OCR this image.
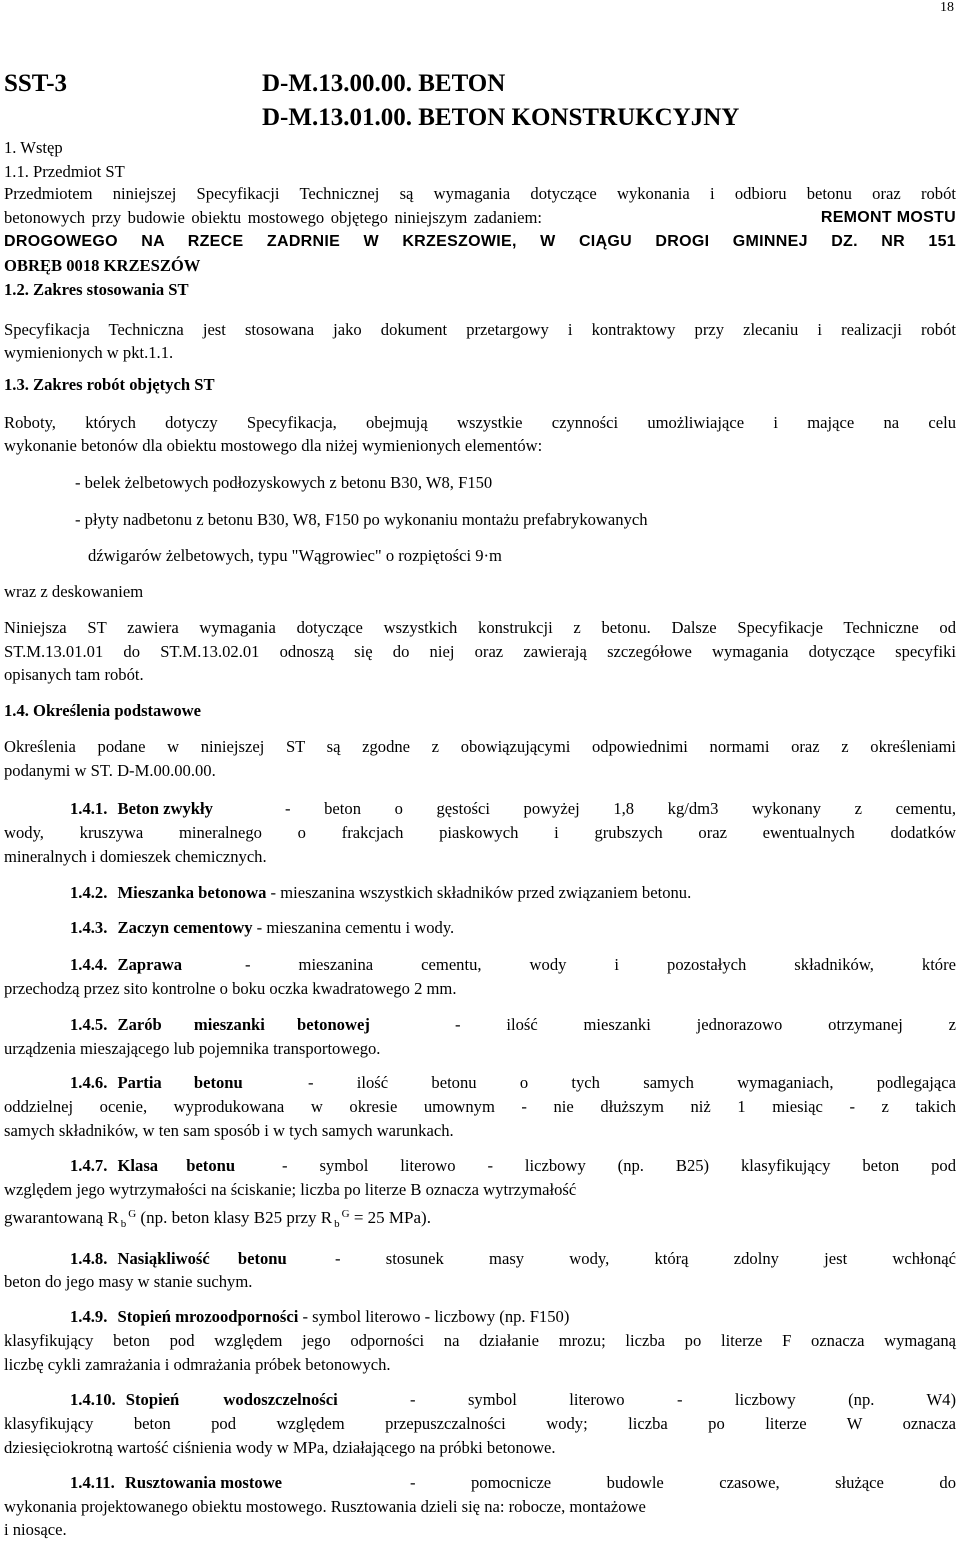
18
SST-3	D-M.13.00.00. BETON
D-M.13.01.00. BETON KONSTRUKCYJNY
1. Wstęp
1.1. Przedmiot ST
Przedmiotem niniejszej Specyfikacji Technicznej są wymagania dotyczące wykonania i odbioru betonu oraz robót
betonowych przy budowie obiektu mostowego objętego niniejszym zadaniem:	REMONT MOSTU
DROGOWEGO NA RZECE ZADRNIE W KRZESZOWIE, W CIĄGU DROGI GMINNEJ DZ. NR 151
OBRĘB 0018 KRZESZÓW
1.2. Zakres stosowania ST
Specyfikacja Techniczna jest stosowana jako dokument przetargowy i kontraktowy przy zlecaniu i realizacji robót
wymienionych w pkt.1.1.
1.3. Zakres robót objętych ST
Roboty, których dotyczy Specyfikacja, obejmują wszystkie czynności umożliwiające i mające na celu
wykonanie betonów dla obiektu mostowego dla niżej wymienionych elementów:
- belek żelbetowych podłozyskowych z betonu B30, W8, F150
- płyty nadbetonu z betonu B30, W8, F150 po wykonaniu montażu prefabrykowanych
dźwigarów żelbetowych, typu "Wągrowiec" o rozpiętości 9·m
wraz z deskowaniem
Niniejsza ST zawiera wymagania dotyczące wszystkich konstrukcji z betonu. Dalsze Specyfikacje Techniczne od
ST.M.13.01.01 do ST.M.13.02.01 odnoszą się do niej oraz zawierają szczegółowe wymagania dotyczące specyfiki
opisanych tam robót.
1.4. Określenia podstawowe
Określenia podane w niniejszej ST są zgodne z obowiązującymi odpowiednimi normami oraz z określeniami
podanymi w ST. D-M.00.00.00.
1.4.1. Beton zwykły	- beton o gęstości powyżej 1,8 kg/dm3 wykonany z cementu,
wody, kruszywa mineralnego o frakcjach piaskowych i grubszych oraz ewentualnych dodatków
mineralnych i domieszek chemicznych.
1.4.2. Mieszanka betonowa - mieszanina wszystkich składników przed związaniem betonu.
1.4.3. Zaczyn cementowy - mieszanina cementu i wody.
1.4.4. Zaprawa	- mieszanina cementu, wody i pozostałych składników, które
przechodzą przez sito kontrolne o boku oczka kwadratowego 2 mm.
1.4.5. Zarób mieszanki betonowej	- ilość mieszanki jednorazowo otrzymanej z
urządzenia mieszającego lub pojemnika transportowego.
1.4.6. Partia betonu	- ilość betonu o tych samych wymaganiach, podlegająca
oddzielnej ocenie, wyprodukowana w okresie umownym - nie dłuższym niż 1 miesiąc - z takich
samych składników, w ten sam sposób i w tych samych warunkach.
1.4.7. Klasa betonu	- symbol literowo - liczbowy (np. B25) klasyfikujący beton pod
względem jego wytrzymałości na ściskanie; liczba po literze B oznacza wytrzymałość
gwarantowaną R $_b^G$ (np. beton klasy B25 przy R $_b^G$ = 25 MPa).
1.4.8. Nasiąkliwość betonu	- stosunek masy wody, którą zdolny jest wchłonąć
beton do jego masy w stanie suchym.
1.4.9. Stopień mrozoodporności - symbol literowo - liczbowy (np. F150)
klasyfikujący beton pod względem jego odporności na działanie mrozu; liczba po literze F oznacza wymaganą
liczbę cykli zamrażania i odmrażania próbek betonowych.
1.4.10. Stopień wodoszczelności	- symbol literowo - liczbowy (np. W4)
klasyfikujący beton pod względem przepuszczalności wody; liczba po literze W oznacza
dziesięciokrotną wartość ciśnienia wody w MPa, działającego na próbki betonowe.
1.4.11. Rusztowania mostowe	- pomocnicze budowle czasowe, służące do
wykonania projektowanego obiektu mostowego. Rusztowania dzieli się na: robocze, montażowe
i niosące.
